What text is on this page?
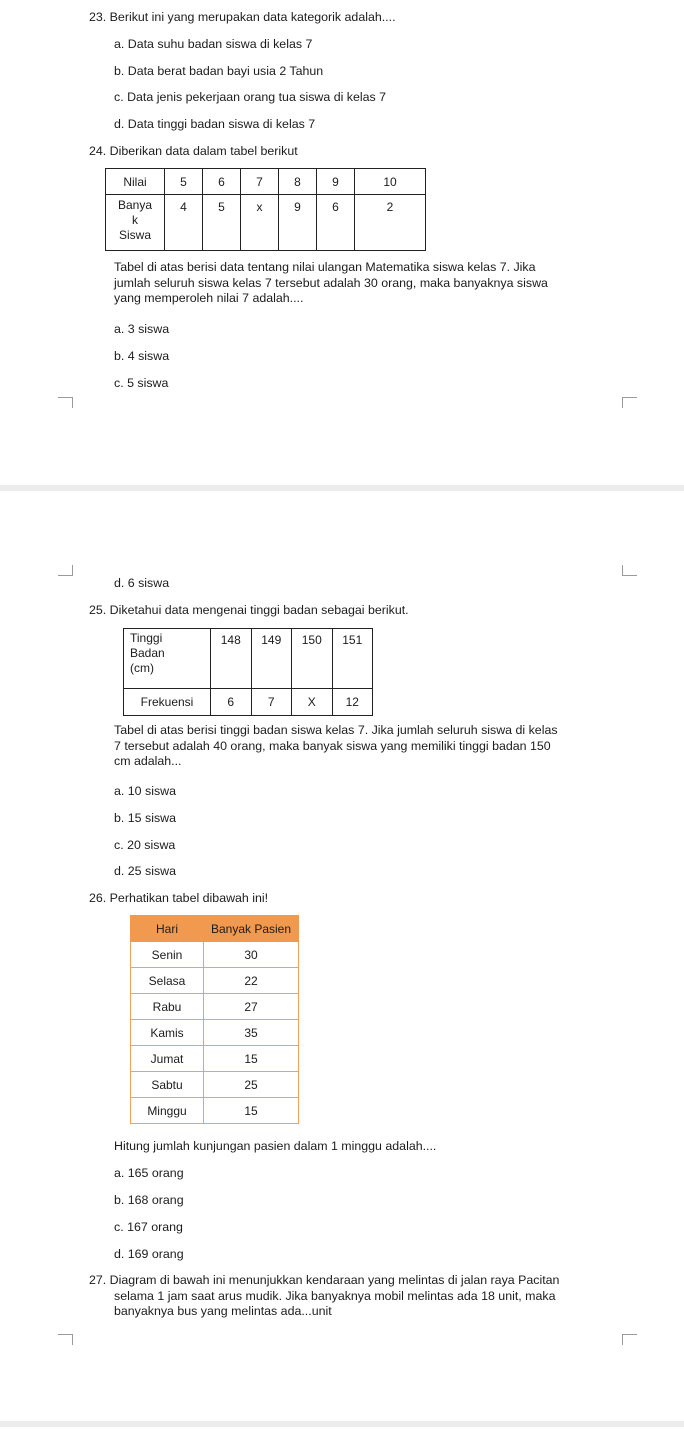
23. Berikut ini yang merupakan data kategorik adalah....
a. Data suhu badan siswa di kelas 7
b. Data berat badan bayi usia 2 Tahun
c. Data jenis pekerjaan orang tua siswa di kelas 7
d. Data tinggi badan siswa di kelas 7
24. Diberikan data dalam tabel berikut
Nilai	5	6	7	8	9	10

Banya
k
Siswa	4	5	x	9	6	2
Tabel di atas berisi data tentang nilai ulangan Matematika siswa kelas 7. Jika
jumlah seluruh siswa kelas 7 tersebut adalah 30 orang, maka banyaknya siswa
yang memperoleh nilai 7 adalah....
a. 3 siswa
b. 4 siswa
c. 5 siswa
d. 6 siswa
25. Diketahui data mengenai tinggi badan sebagai berikut.
Tinggi
Badan
(cm)	148	149	150	151
Frekuensi	6	7	X	12
Tabel di atas berisi tinggi badan siswa kelas 7. Jika jumlah seluruh siswa di kelas
7 tersebut adalah 40 orang, maka banyak siswa yang memiliki tinggi badan 150
cm adalah...
a. 10 siswa
b. 15 siswa
c. 20 siswa
d. 25 siswa
26. Perhatikan tabel dibawah ini!
Hari	Banyak Pasien
Senin	30
Selasa	22
Rabu	27
Kamis	35
Jumat	15
Sabtu	25
Minggu	15
Hitung jumlah kunjungan pasien dalam 1 minggu adalah....
a. 165 orang
b. 168 orang
c. 167 orang
d. 169 orang
27. Diagram di bawah ini menunjukkan kendaraan yang melintas di jalan raya Pacitan
selama 1 jam saat arus mudik. Jika banyaknya mobil melintas ada 18 unit, maka
banyaknya bus yang melintas ada...unit
